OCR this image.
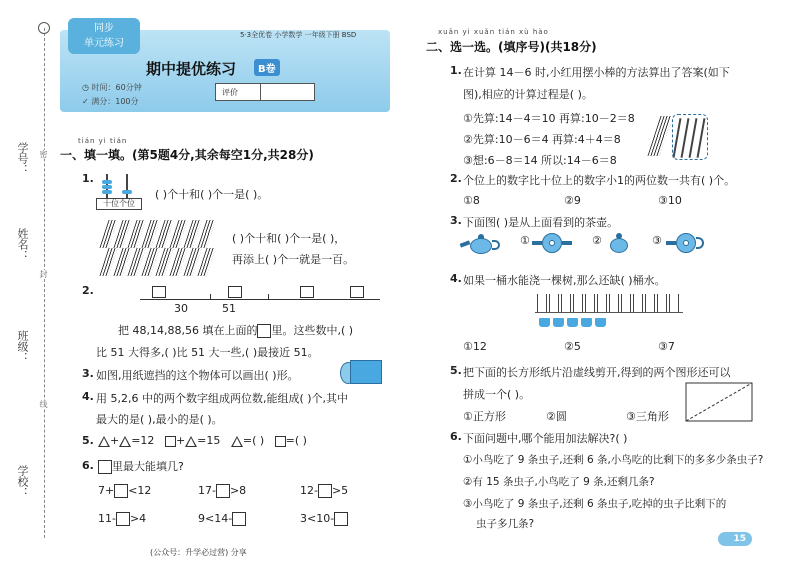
学号：
姓名：
班级：
学校：
密
封
线
同步
单元练习
5·3全优卷 小学数学 一年级下册 BSD
期中提优练习	B卷
◷ 时间：60分钟
✓ 满分：100分
评价
tián yi tián
一、填一填。(第5题4分,其余每空1分,共28分)
1.
十位个位
( )个十和( )个一是( )。
( )个十和( )个一是( )，
再添上( )个一就是一百。
2.
30	51
把 48,14,88,56 填在上面的 里。这些数中,( )
比 51 大得多,( )比 51 大一些,( )最接近 51。
3. 如图,用纸遮挡的这个物体可以画出( )形。
4. 用 5,2,6 中的两个数字组成两位数,能组成( )个,其中
最大的是( ),最小的是( )。
5.	+ =12 + =15 =( ) =( )
6.	里最大能填几?
7+ <12	17- >8	12- >5
11- >4	9<14-	3<10-
xuǎn yi xuǎn tián xù hào
二、选一选。(填序号)(共18分)
1. 在计算 14－6 时,小红用摆小棒的方法算出了答案(如下
图),相应的计算过程是( )。
①先算:14－4＝10 再算:10－2＝8
②先算:10－6＝4 再算:4＋4＝8
③想:6－8＝14 所以:14－6＝8
2. 个位上的数字比十位上的数字小1的两位数一共有( )个。
①8	②9	③10
3. 下面图( )是从上面看到的茶壶。
①	②	③
4. 如果一桶水能浇一棵树,那么还缺( )桶水。
①12	②5	③7
5. 把下面的长方形纸片沿虚线剪开,得到的两个图形还可以
拼成一个( )。
①正方形	②圆	③三角形
6. 下面问题中,哪个能用加法解决?( )
①小鸟吃了 9 条虫子,还剩 6 条,小鸟吃的比剩下的多多少条虫子?
②有 15 条虫子,小鸟吃了 9 条,还剩几条?
③小鸟吃了 9 条虫子,还剩 6 条虫子,吃掉的虫子比剩下的
虫子多几条?
15
(公众号：升学必过营) 分享
